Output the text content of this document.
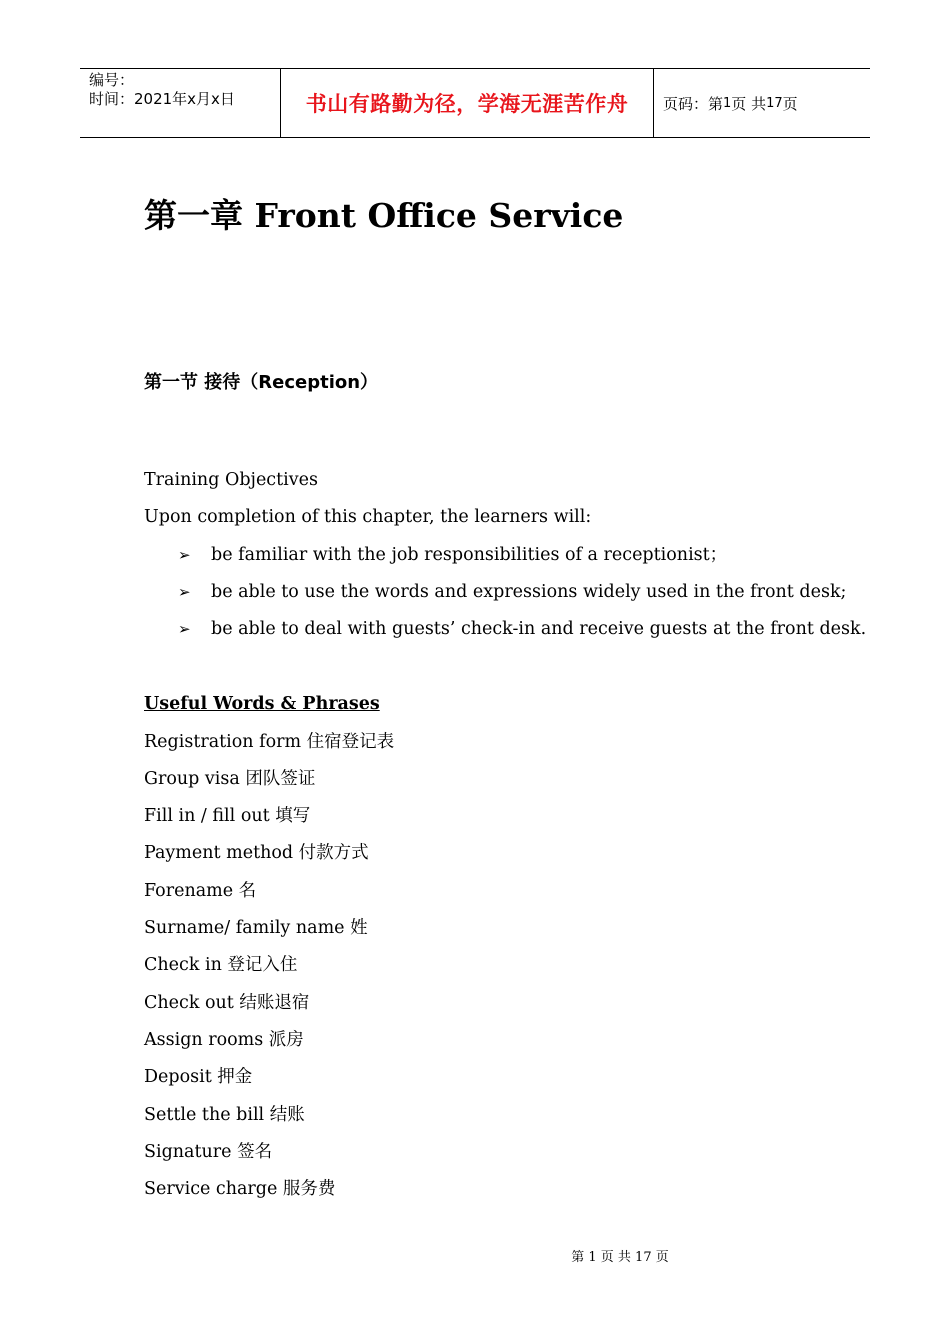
编号：
时间：2021年x月x日	书山有路勤为径，学海无涯苦作舟	页码：第 1 页 共 17 页
第一章 Front Office Service
第一节 接待（Reception）
Training Objectives
Upon completion of this chapter, the learners will:
➢	be familiar with the job responsibilities of a receptionist；
➢	be able to use the words and expressions widely used in the front desk;
➢	be able to deal with guests’ check-in and receive guests at the front desk.
Useful Words & Phrases
Registration form 住宿登记表
Group visa 团队签证
Fill in / fill out 填写
Payment method 付款方式
Forename 名
Surname/ family name 姓
Check in 登记入住
Check out 结账退宿
Assign rooms 派房
Deposit 押金
Settle the bill 结账
Signature 签名
Service charge 服务费
第 1 页 共 17 页
